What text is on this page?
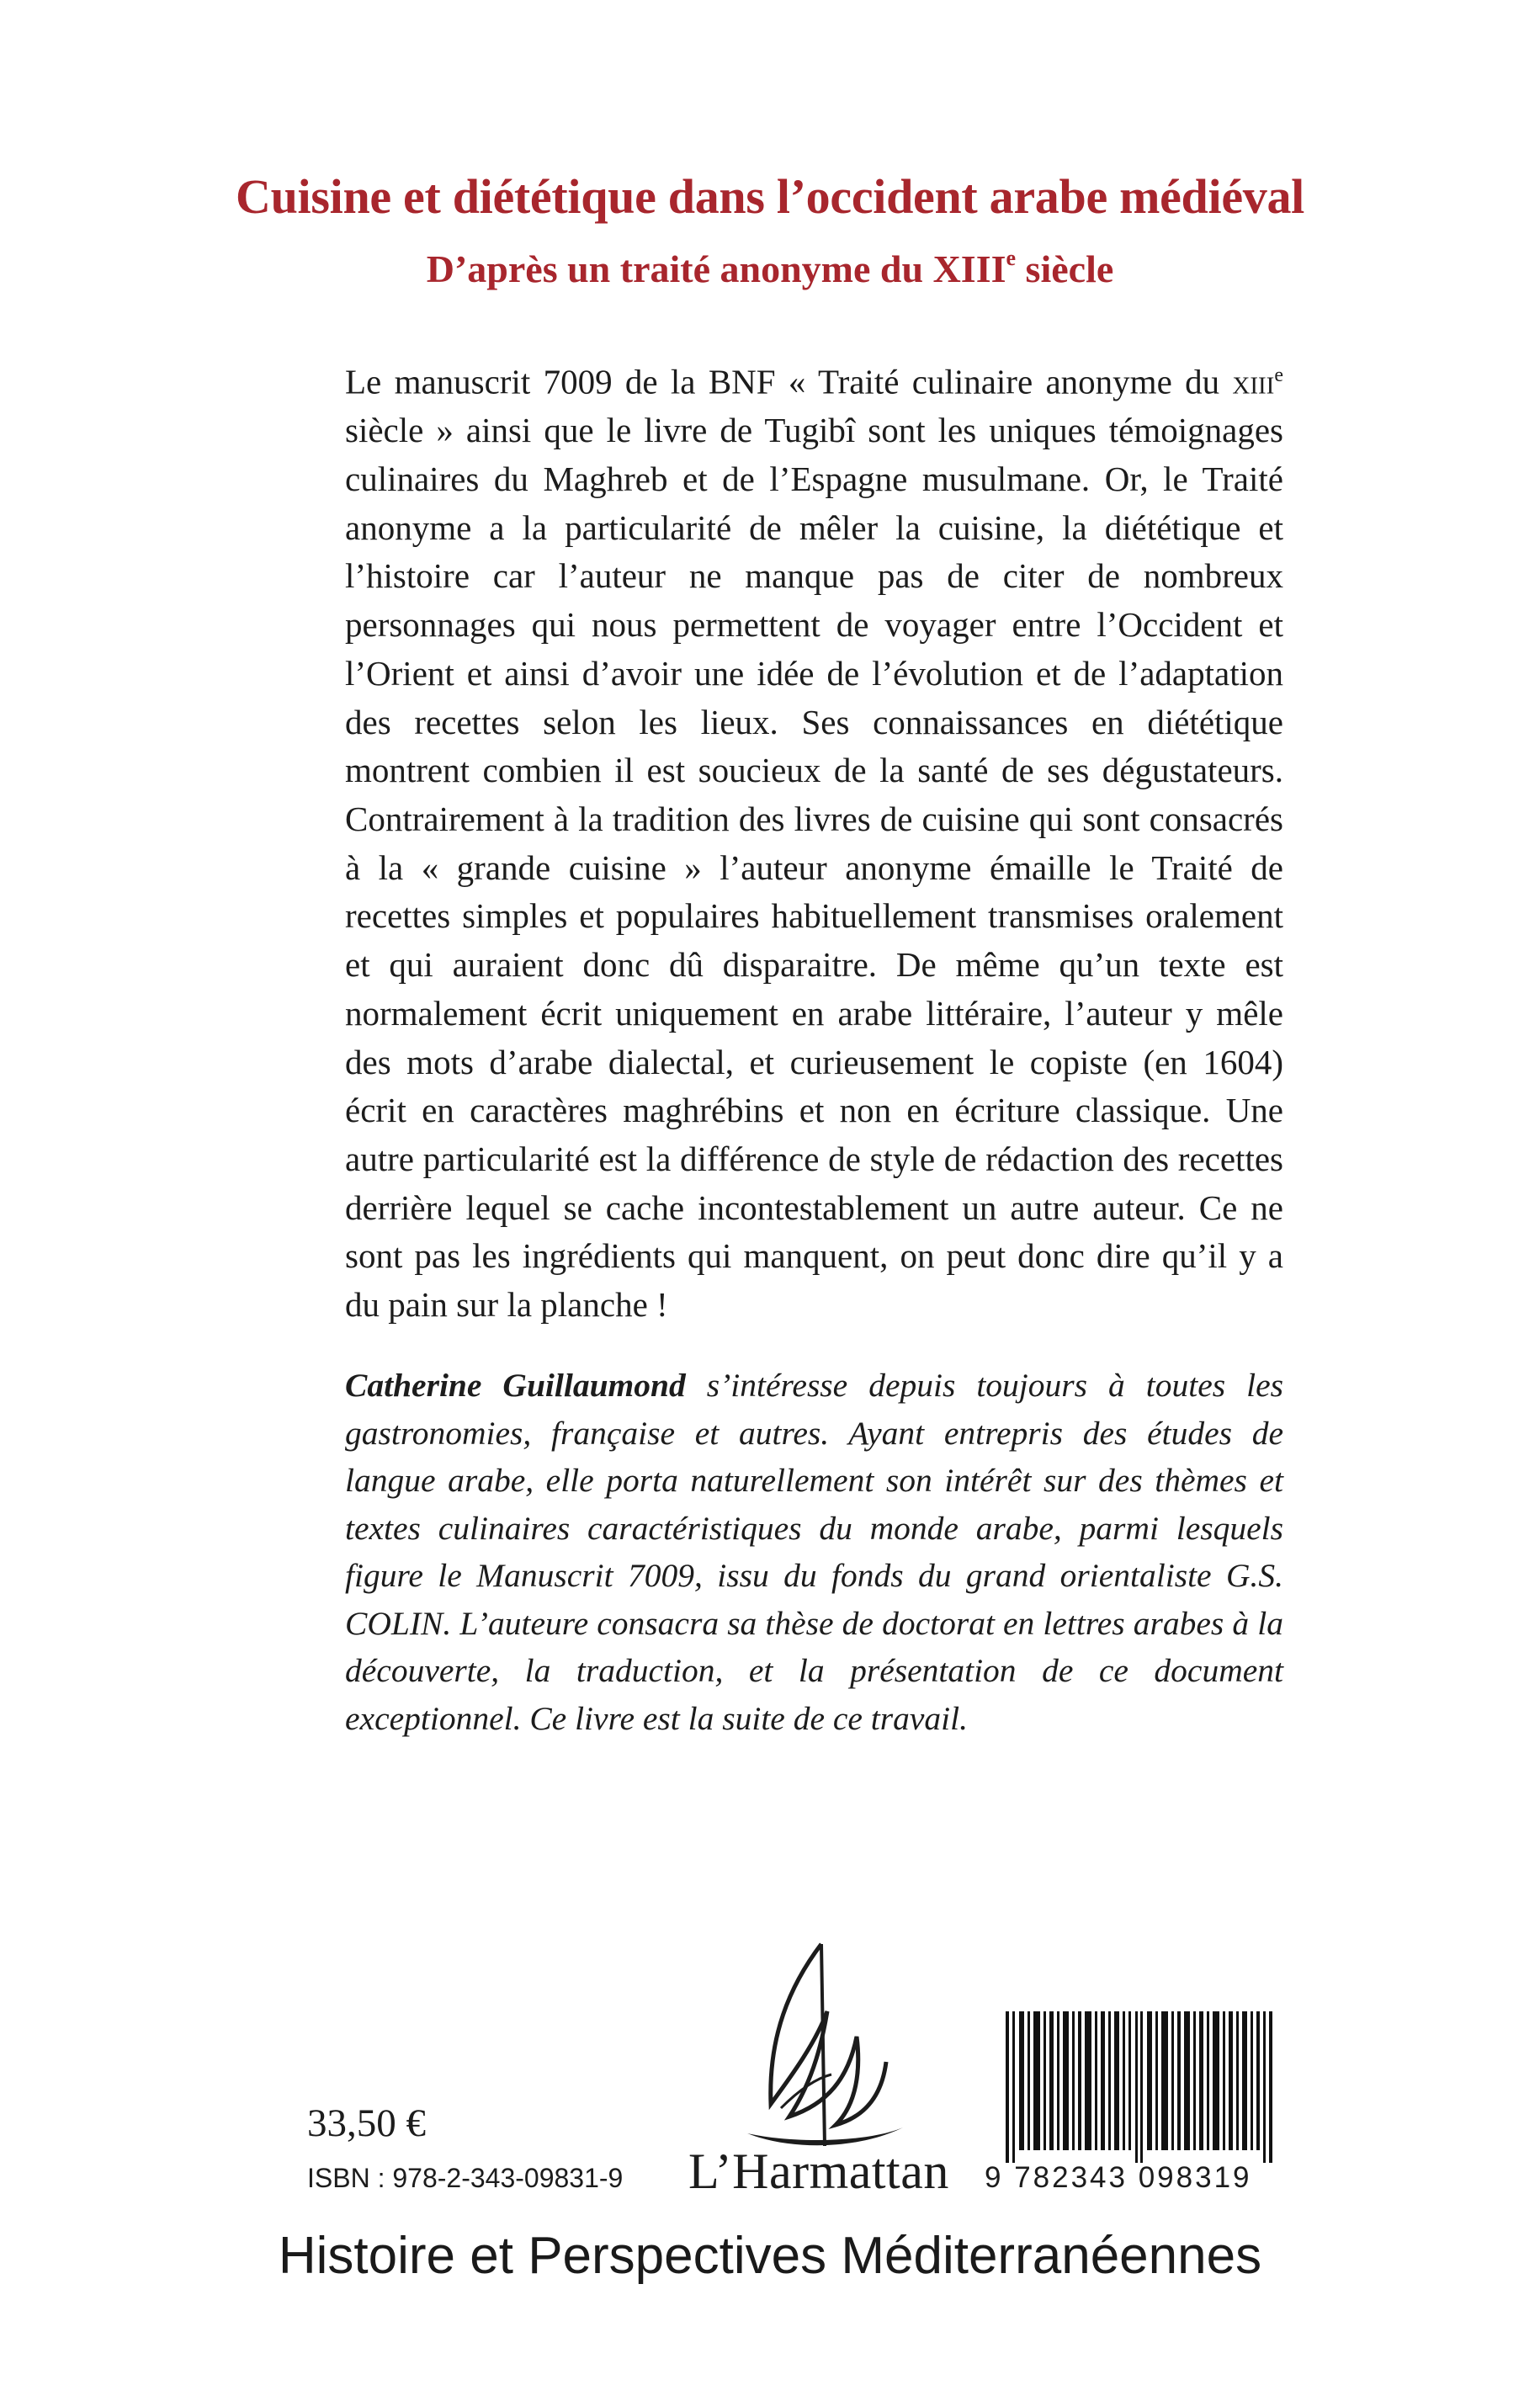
Cuisine et diététique dans l’occident arabe médiéval
D’après un traité anonyme du XIIIe siècle

Le manuscrit 7009 de la BNF « Traité culinaire anonyme du xiii$^e$ siècle » ainsi que le livre de Tugibî sont les uniques témoignages culinaires du Maghreb et de l’Espagne musulmane. Or, le Traité anonyme a la particularité de mêler la cuisine, la diététique et l’histoire car l’auteur ne manque pas de citer de nombreux personnages qui nous permettent de voyager entre l’Occident et l’Orient et ainsi d’avoir une idée de l’évolution et de l’adaptation des recettes selon les lieux. Ses connaissances en diététique montrent combien il est soucieux de la santé de ses dégustateurs. Contrairement à la tradition des livres de cuisine qui sont consacrés à la « grande cuisine » l’auteur anonyme émaille le Traité de recettes simples et populaires habituellement transmises oralement et qui auraient donc dû disparaitre. De même qu’un texte est normalement écrit uniquement en arabe littéraire, l’auteur y mêle des mots d’arabe dialectal, et curieusement le copiste (en 1604) écrit en caractères maghrébins et non en écriture classique. Une autre particularité est la différence de style de rédaction des recettes derrière lequel se cache incontestablement un autre auteur. Ce ne sont pas les ingrédients qui manquent, on peut donc dire qu’il y a du pain sur la planche !

Catherine Guillaumond s’intéresse depuis toujours à toutes les gastronomies, française et autres. Ayant entrepris des études de langue arabe, elle porta naturellement son intérêt sur des thèmes et textes culinaires caractéristiques du monde arabe, parmi lesquels figure le Manuscrit 7009, issu du fonds du grand orientaliste G.S. COLIN. L’auteure consacra sa thèse de doctorat en lettres arabes à la découverte, la traduction, et la présentation de ce document exceptionnel. Ce livre est la suite de ce travail.

33,50 €

ISBN : 978-2-343-09831-9 L’Harmattan	9 782343 098319

Histoire et Perspectives Méditerranéennes
